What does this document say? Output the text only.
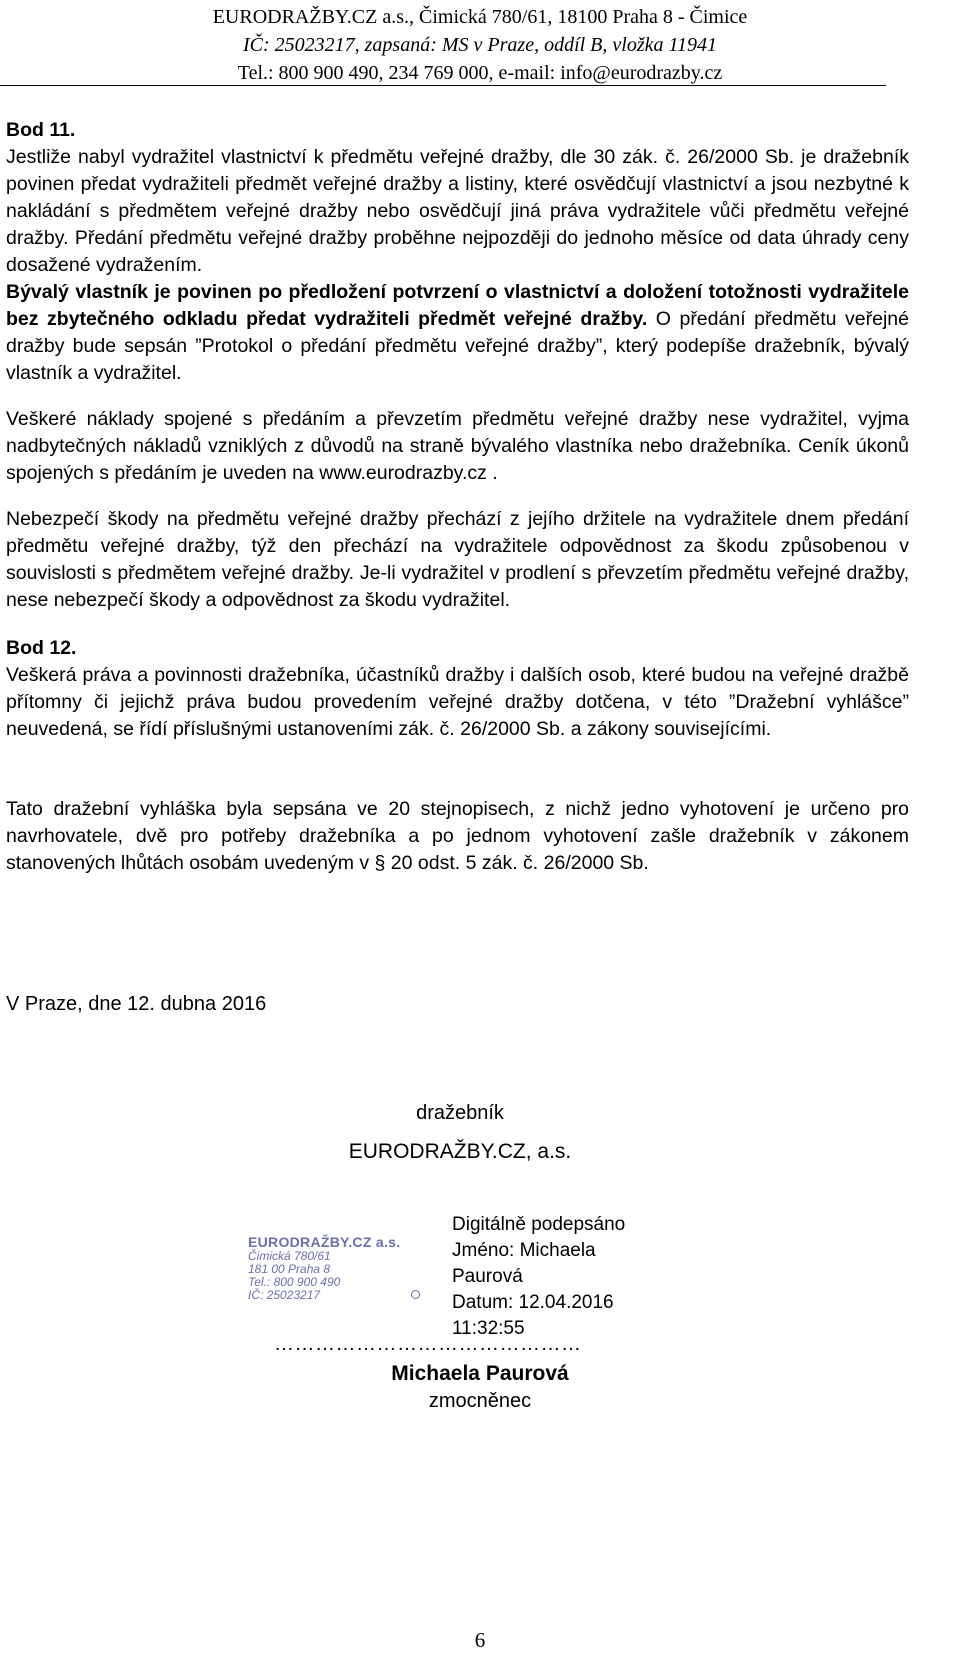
EURODRAŽBY.CZ a.s., Čimická 780/61, 18100 Praha 8 - Čimice
IČ: 25023217, zapsaná: MS v Praze, oddíl B, vložka 11941
Tel.: 800 900 490, 234 769 000, e-mail: info@eurodrazby.cz

Bod 11.

Jestliže nabyl vydražitel vlastnictví k předmětu veřejné dražby, dle 30 zák. č. 26/2000 Sb. je dražebník povinen předat vydražiteli předmět veřejné dražby a listiny, které osvědčují vlastnictví a jsou nezbytné k nakládání s předmětem veřejné dražby nebo osvědčují jiná práva vydražitele vůči předmětu veřejné dražby. Předání předmětu veřejné dražby proběhne nejpozději do jednoho měsíce od data úhrady ceny dosažené vydražením.

Bývalý vlastník je povinen po předložení potvrzení o vlastnictví a doložení totožnosti vydražitele bez zbytečného odkladu předat vydražiteli předmět veřejné dražby. O předání předmětu veřejné dražby bude sepsán ”Protokol o předání předmětu veřejné dražby”, který podepíše dražebník, bývalý vlastník a vydražitel.

Veškeré náklady spojené s předáním a převzetím předmětu veřejné dražby nese vydražitel, vyjma nadbytečných nákladů vzniklých z důvodů na straně bývalého vlastníka nebo dražebníka. Ceník úkonů spojených s předáním je uveden na www.eurodrazby.cz .

Nebezpečí škody na předmětu veřejné dražby přechází z jejího držitele na vydražitele dnem předání předmětu veřejné dražby, týž den přechází na vydražitele odpovědnost za škodu způsobenou v souvislosti s předmětem veřejné dražby. Je-li vydražitel v prodlení s převzetím předmětu veřejné dražby, nese nebezpečí škody a odpovědnost za škodu vydražitel.

Bod 12.

Veškerá práva a povinnosti dražebníka, účastníků dražby i dalších osob, které budou na veřejné dražbě přítomny či jejichž práva budou provedením veřejné dražby dotčena, v této ”Dražební vyhlášce” neuvedená, se řídí příslušnými ustanoveními zák. č. 26/2000 Sb. a zákony souvisejícími.

Tato dražební vyhláška byla sepsána ve 20 stejnopisech, z nichž jedno vyhotovení je určeno pro navrhovatele, dvě pro potřeby dražebníka a po jednom vyhotovení zašle dražebník v zákonem stanovených lhůtách osobám uvedeným v § 20 odst. 5 zák. č. 26/2000 Sb.

V Praze, dne 12. dubna 2016
dražebník
EURODRAŽBY.CZ, a.s.
EURODRAŽBY.CZ a.s.
Čimická 780/61
181 00 Praha 8
Tel.: 800 900 490
IČ: 25023217
Digitálně podepsáno
Jméno: Michaela
Paurová
Datum: 12.04.2016
11:32:55
………………………………………
Michaela Paurová
zmocněnec
6
